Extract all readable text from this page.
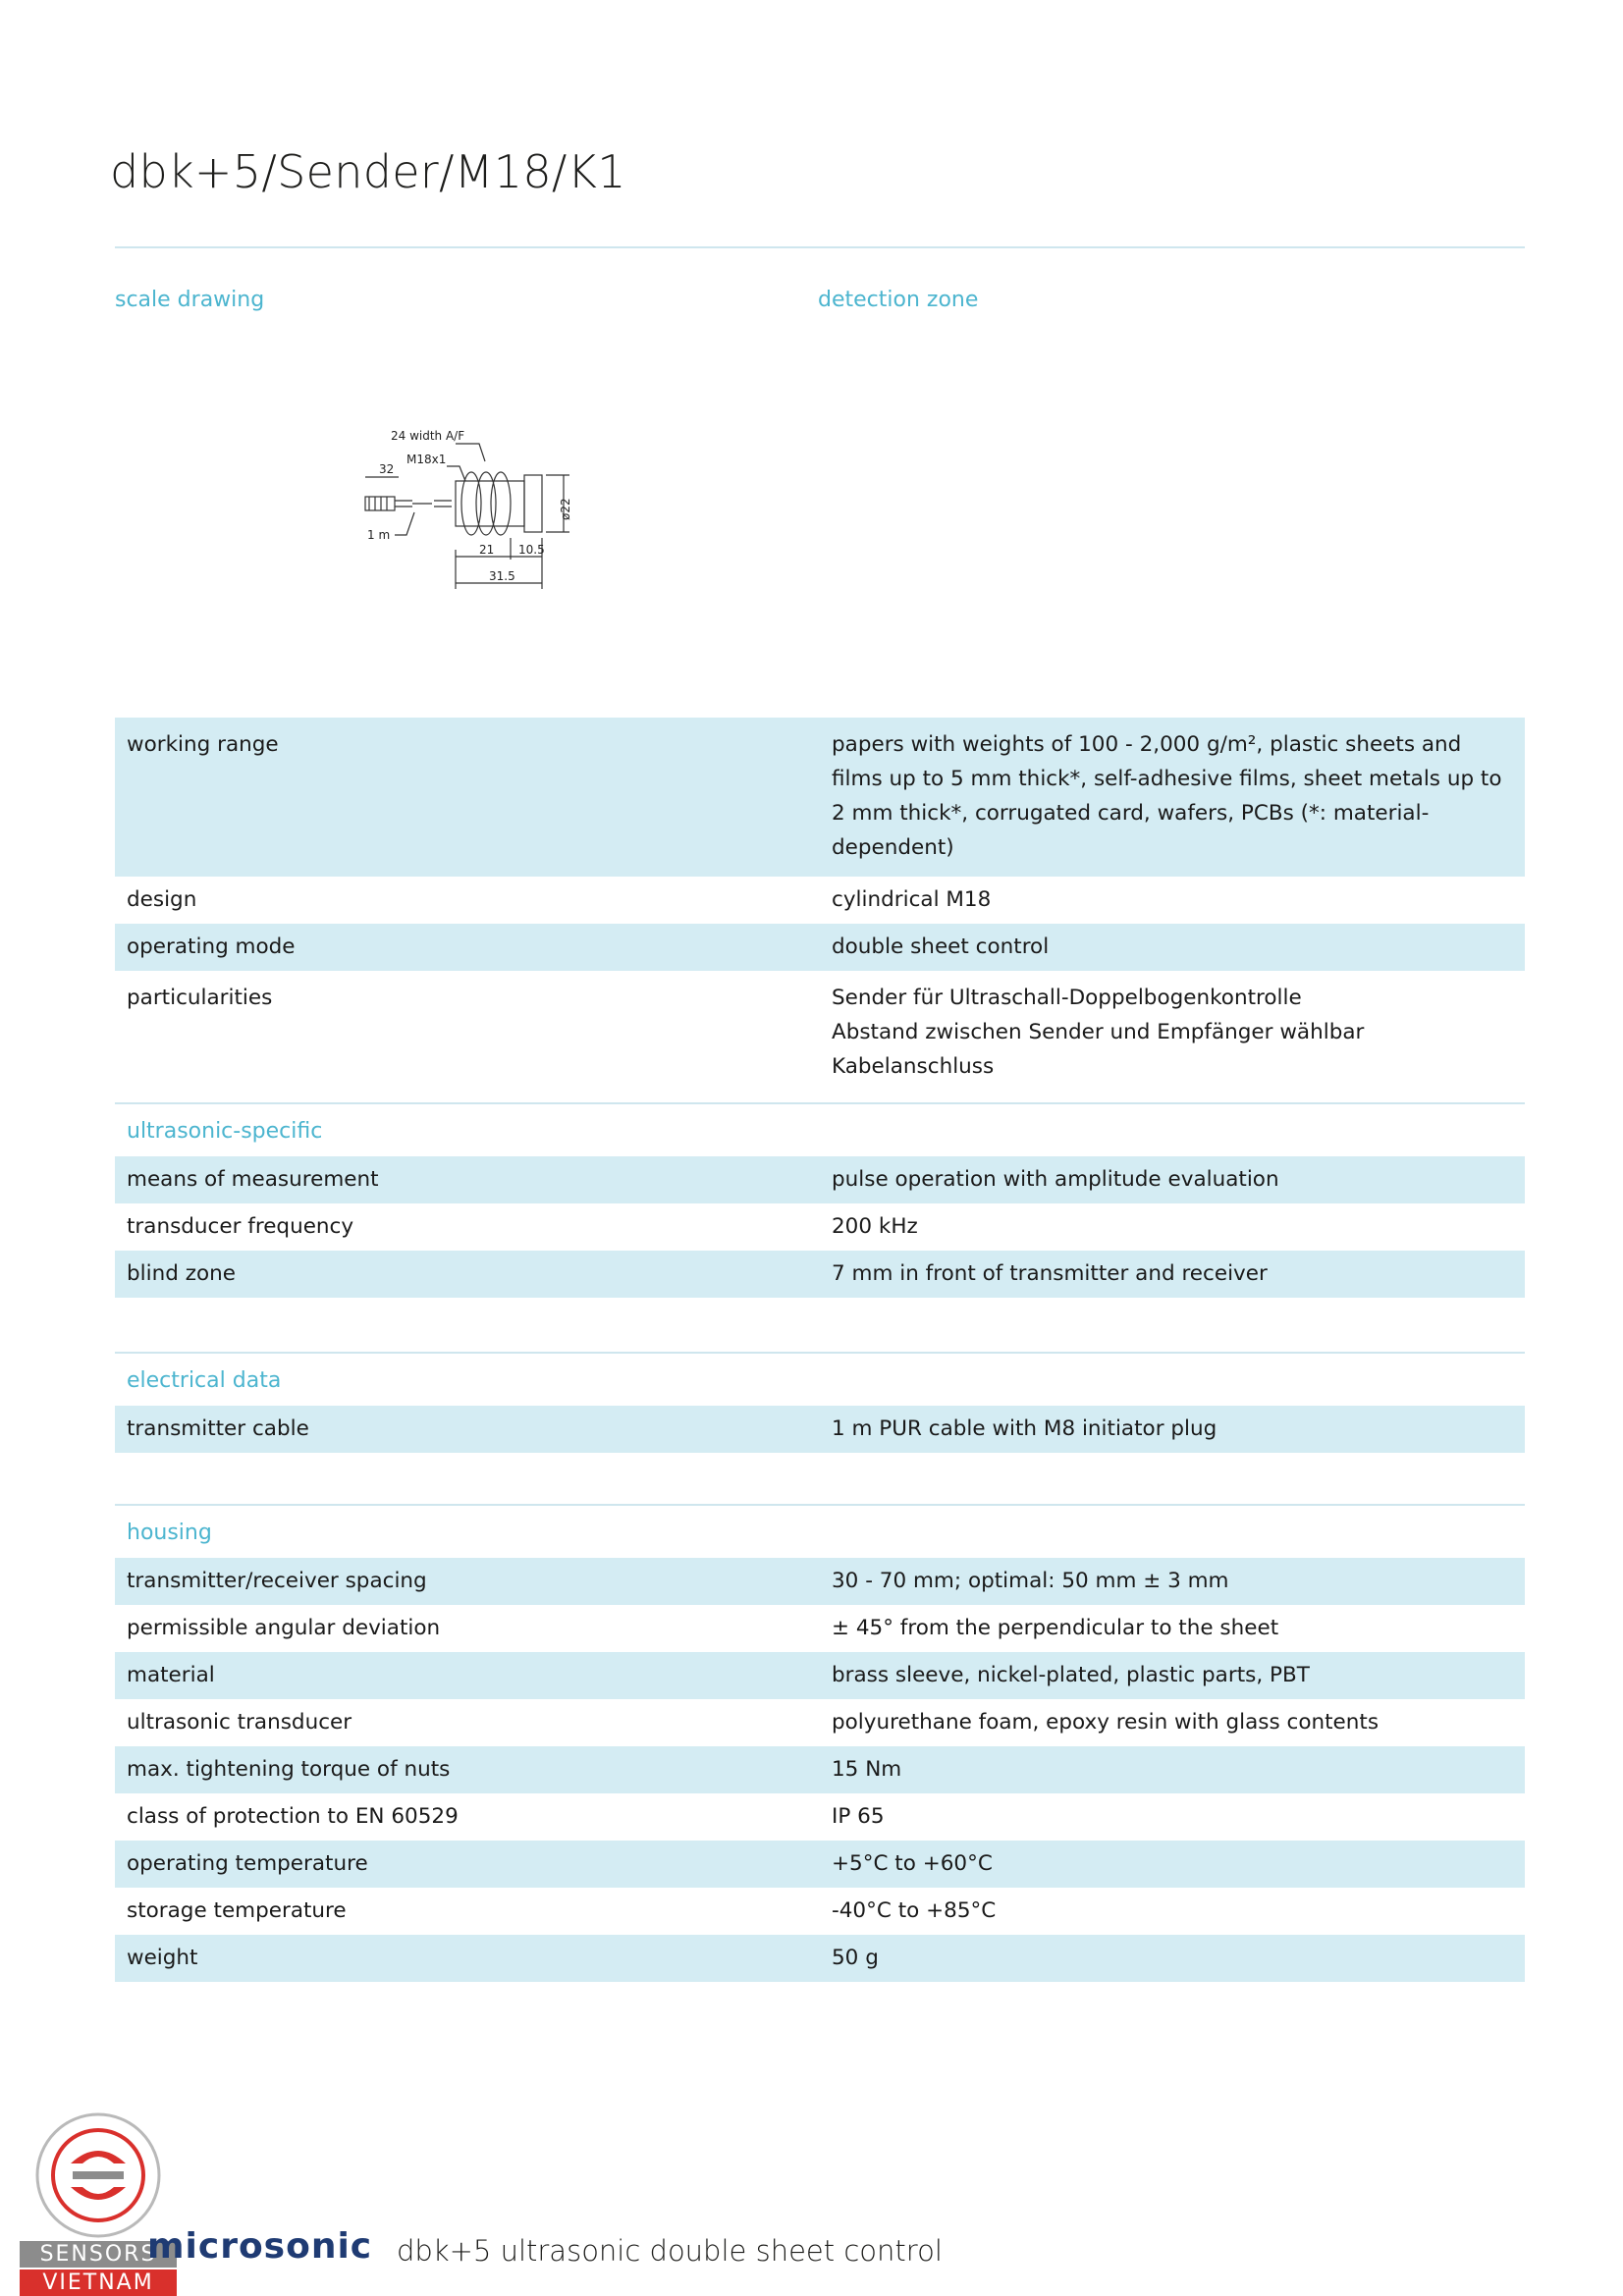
dbk+5/Sender/M18/K1
scale drawing	detection zone
24 width A/F
M18x1
32
1 m
21 10.5
31.5
ø22
working range	papers with weights of 100 - 2,000 g/m², plastic sheets and films up to 5 mm thick*, self-adhesive films, sheet metals up to 2 mm thick*, corrugated card, wafers, PCBs (*: material-dependent)
design	cylindrical M18
operating mode	double sheet control
particularities	Sender für Ultraschall-Doppelbogenkontrolle
Abstand zwischen Sender und Empfänger wählbar
Kabelanschluss
ultrasonic-specific
means of measurement	pulse operation with amplitude evaluation
transducer frequency	200 kHz
blind zone	7 mm in front of transmitter and receiver
electrical data
transmitter cable	1 m PUR cable with M8 initiator plug
housing
transmitter/receiver spacing	30 - 70 mm; optimal: 50 mm ± 3 mm
permissible angular deviation	± 45° from the perpendicular to the sheet
material	brass sleeve, nickel-plated, plastic parts, PBT
ultrasonic transducer	polyurethane foam, epoxy resin with glass contents
max. tightening torque of nuts	15 Nm
class of protection to EN 60529	IP 65
operating temperature	+5°C to +60°C
storage temperature	-40°C to +85°C
weight	50 g
SENSORS
VIETNAM
microsonic dbk+5 ultrasonic double sheet control
